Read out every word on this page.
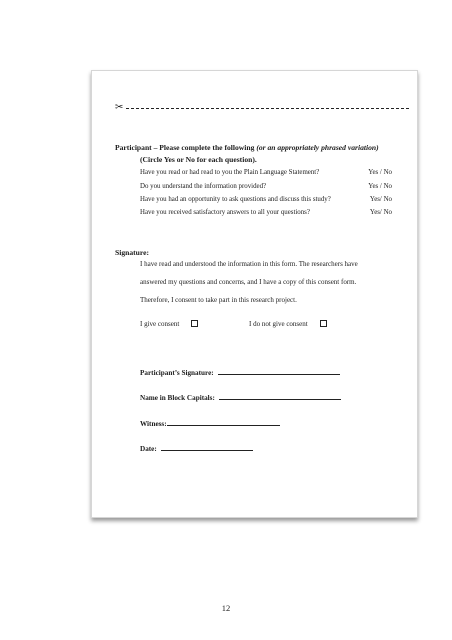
✂
Participant – Please complete the following (or an appropriately phrased variation)
(Circle Yes or No for each question).
Have you read or had read to you the Plain Language Statement?	Yes / No
Do you understand the information provided?	Yes / No
Have you had an opportunity to ask questions and discuss this study?	Yes/ No
Have you received satisfactory answers to all your questions?	Yes/ No
Signature:
I have read and understood the information in this form. The researchers have
answered my questions and concerns, and I have a copy of this consent form.
Therefore, I consent to take part in this research project.
I give consent	I do not give consent
Participant’s Signature:
Name in Block Capitals:
Witness:
Date:
12
